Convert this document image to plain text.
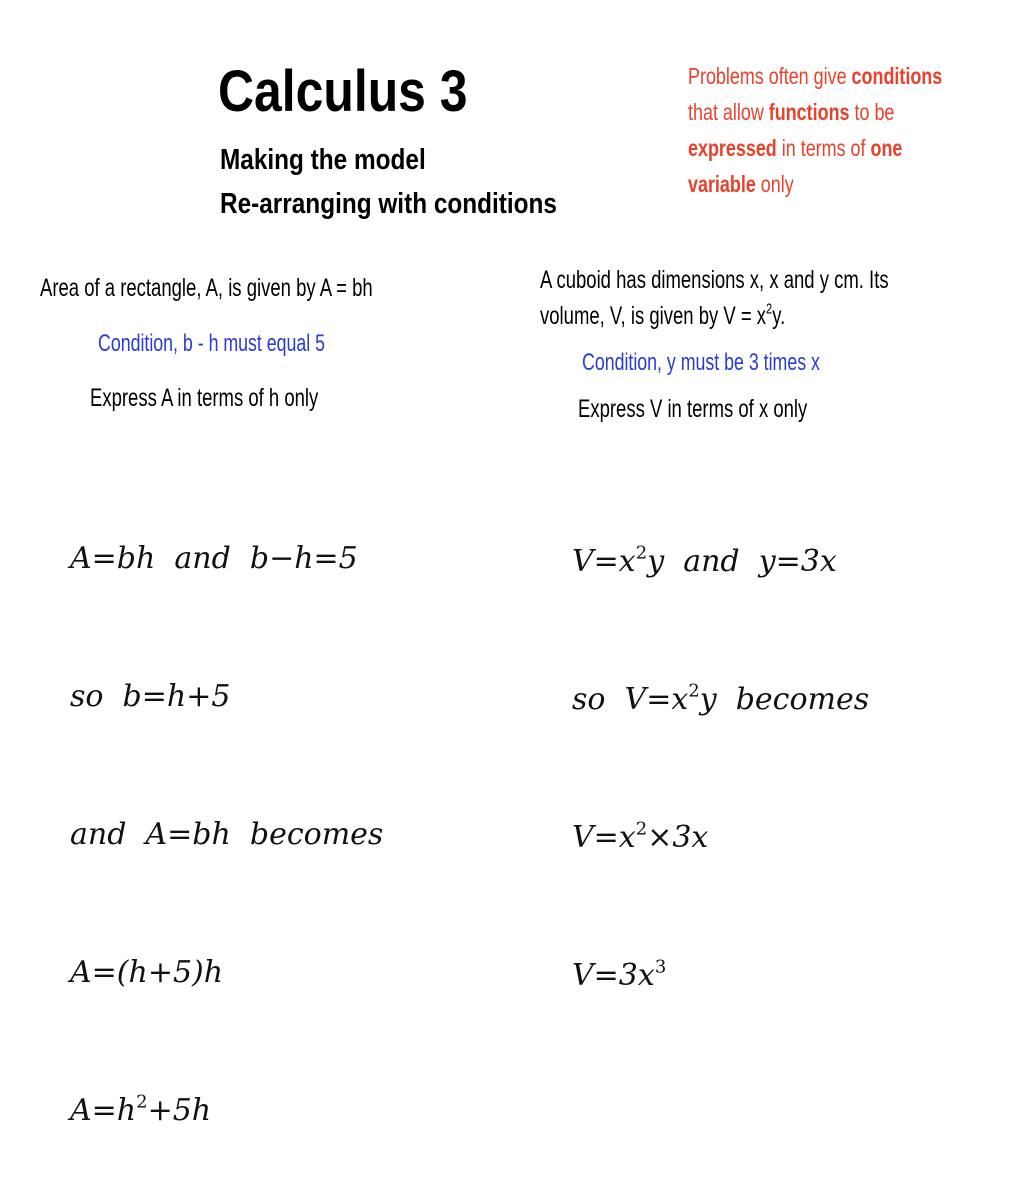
Calculus 3
Making the model
Re-arranging with conditions
Problems often give conditions
that allow functions to be
expressed in terms of one
variable only
Area of a rectangle, A, is given by A = bh
Condition, b - h must equal 5
Express A in terms of h only

A=bh  and  b−h=5

so  b=h+5

and  A=bh  becomes

A=(h+5)h

$A=h^2+5h$

A cuboid has dimensions x, x and y cm. Its
volume, V, is given by $V = x^2y$.
Condition, y must be 3 times x
Express V in terms of x only

$V=x^2y$  and  y=3x

so  $V=x^2y$  becomes

$V=x^2\times 3x$

$V=3x^3$
